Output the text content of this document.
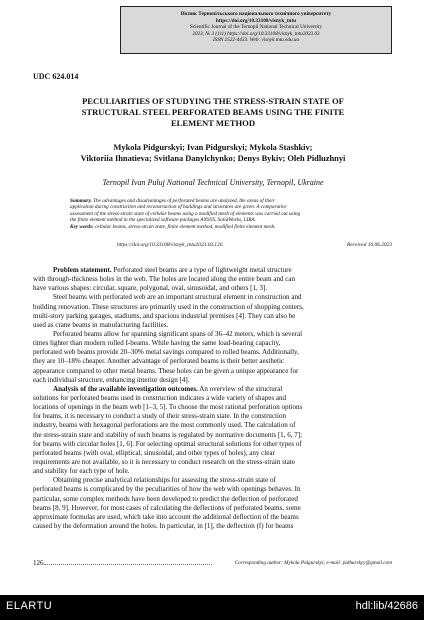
Вісник Тернопільського національного технічного університету
https://doi.org/10.33108/visnyk_tntu
Scientific Journal of the Ternopil National Technical University
2023, № 3 (111) https://doi.org/10.33108/visnyk_tntu2023.03
ISSN 2522-4433. Web: visnyk.tntu.edu.ua
UDC 624.014
PECULIARITIES OF STUDYING THE STRESS-STRAIN STATE OF
STRUCTURAL STEEL PERFORATED BEAMS USING THE FINITE
ELEMENT METHOD
Mykola Pidgurskyi; Ivan Pidgurskyi; Mykola Stashkiv;
Viktoriia Ihnatieva; Svitlana Danylchynko; Denys Bykiv; Oleh Pidluzhnyi
Ternopil Ivan Puluj National Technical University, Ternopil, Ukraine
Summary. The advantages and disadvantages of perforated beams are analyzed, the areas of their
application during construction and reconstruction of buildings and structures are given. A comparative
assessment of the stress-strain state of cellular beams using a modified mesh of elements was carried out using
the finite element method in the specialized software packages ANSYS, SolidWorks, LIRA.
Key words: cellular beams, stress-strain state, finite element method, modified finite element mesh.
https://doi.org/10.33108/visnyk_tntu2023.03.126	Received 10.06.2023
Problem statement. Perforated steel beams are a type of lightweight metal structure
with through-thickness holes in the web. The holes are located along the entire beam and can
have various shapes: circular, square, polygonal, oval, sinusoidal, and others [1, 3].
Steel beams with perforated web are an important structural element in construction and
building renovation. These structures are primarily used in the construction of shopping centers,
multi-story parking garages, stadiums, and spacious industrial premises [4]. They can also be
used as crane beams in manufacturing facilities.
Perforated beams allow for spanning significant spans of 36–42 meters, which is several
times lighter than modern rolled I-beams. While having the same load-bearing capacity,
perforated web beams provide 20–30% metal savings compared to rolled beams. Additionally,
they are 10–18% cheaper. Another advantage of perforated beams is their better aesthetic
appearance compared to other metal beams. These holes can be given a unique appearance for
each individual structure, enhancing interior design [4].
Analysis of the available investigation outcomes. An overview of the structural
solutions for perforated beams used in construction indicates a wide variety of shapes and
locations of openings in the beam web [1–3, 5]. To choose the most rational perforation options
for beams, it is necessary to conduct a study of their stress-strain state. In the construction
industry, beams with hexagonal perforations are the most commonly used. The calculation of
the stress-strain state and stability of such beams is regulated by normative documents [1, 6, 7];
for beams with circular holes [1, 6]. For selecting optimal structural solutions for other types of
perforated beams (with oval, elliptical, sinusoidal, and other types of holes), any clear
requirements are not available, so it is necessary to conduct research on the stress-strain state
and stability for each type of hole.
Obtaining precise analytical relationships for assessing the stress-strain state of
perforated beams is complicated by the peculiarities of how the web with openings behaves. In
particular, some complex methods have been developed to predict the deflection of perforated
beams [8, 9]. However, for most cases of calculating the deflections of perforated beams, some
approximate formulas are used, which take into account the additional deflection of the beams
caused by the deformation around the holes. In particular, in [1], the deflection (f) for beams
126	Corresponding author: Mykola Pidgurskyi; e-mail: pidhurskyy@gmail.com
ELARTU	hdl:lib/42686
